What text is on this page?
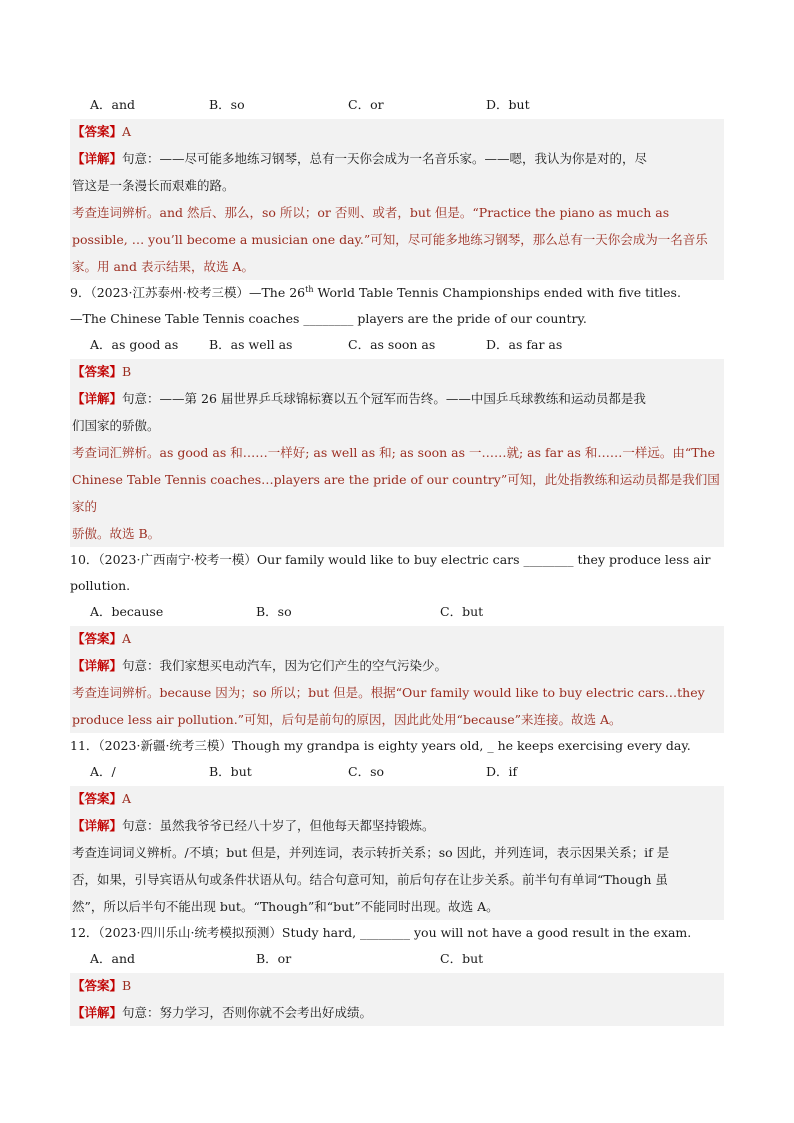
A．and	B．so	C．or	D．but
【答案】A
【详解】句意：——尽可能多地练习钢琴，总有一天你会成为一名音乐家。——嗯，我认为你是对的，尽
管这是一条漫长而艰难的路。
考查连词辨析。and 然后、那么，so 所以；or 否则、或者，but 但是。“Practice the piano as much as
possible, … you’ll become a musician one day.”可知，尽可能多地练习钢琴，那么总有一天你会成为一名音乐
家。用 and 表示结果，故选 A。
9．（2023·江苏泰州·校考三模）—The 26th World Table Tennis Championships ended with five titles.
—The Chinese Table Tennis coaches ________ players are the pride of our country.
A．as good as	B．as well as	C．as soon as	D．as far as
【答案】B
【详解】句意：——第 26 届世界乒乓球锦标赛以五个冠军而告终。——中国乒乓球教练和运动员都是我
们国家的骄傲。
考查词汇辨析。as good as 和……一样好; as well as 和; as soon as 一……就; as far as 和……一样远。由“The
Chinese Table Tennis coaches…players are the pride of our country”可知，此处指教练和运动员都是我们国家的
骄傲。故选 B。
10．（2023·广西南宁·校考一模）Our family would like to buy electric cars ________ they produce less air
pollution.
A．because	B．so	C．but
【答案】A
【详解】句意：我们家想买电动汽车，因为它们产生的空气污染少。
考查连词辨析。because 因为；so 所以；but 但是。根据“Our family would like to buy electric cars…they
produce less air pollution.”可知，后句是前句的原因，因此此处用“because”来连接。故选 A。
11．（2023·新疆·统考三模）Though my grandpa is eighty years old, _ he keeps exercising every day.
A．/	B．but	C．so	D．if
【答案】A
【详解】句意：虽然我爷爷已经八十岁了，但他每天都坚持锻炼。
考查连词词义辨析。/不填；but 但是，并列连词，表示转折关系；so 因此，并列连词，表示因果关系；if 是
否，如果，引导宾语从句或条件状语从句。结合句意可知，前后句存在让步关系。前半句有单词“Though 虽
然”，所以后半句不能出现 but。“Though”和“but”不能同时出现。故选 A。
12．（2023·四川乐山·统考模拟预测）Study hard, ________ you will not have a good result in the exam.
A．and	B．or	C．but
【答案】B
【详解】句意：努力学习，否则你就不会考出好成绩。
